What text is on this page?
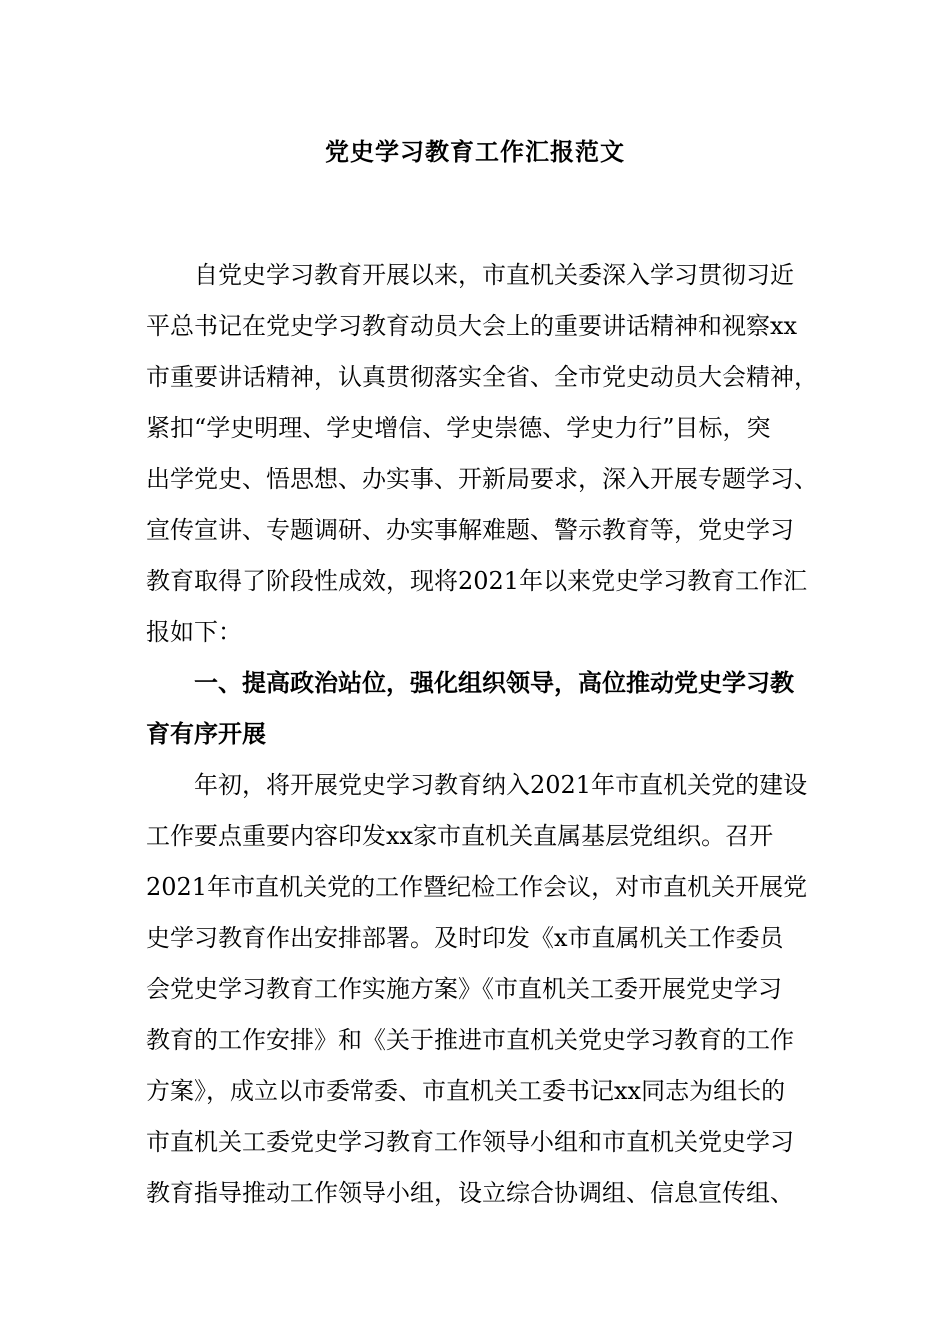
党史学习教育工作汇报范文
自党史学习教育开展以来，市直机关委深入学习贯彻习近
平总书记在党史学习教育动员大会上的重要讲话精神和视察xx
市重要讲话精神，认真贯彻落实全省、全市党史动员大会精神，
紧扣“学史明理、学史增信、学史崇德、学史力行”目标，突
出学党史、悟思想、办实事、开新局要求，深入开展专题学习、
宣传宣讲、专题调研、办实事解难题、警示教育等，党史学习
教育取得了阶段性成效，现将2021年以来党史学习教育工作汇
报如下：
一、提高政治站位，强化组织领导，高位推动党史学习教
育有序开展
年初，将开展党史学习教育纳入2021年市直机关党的建设
工作要点重要内容印发xx家市直机关直属基层党组织。召开
2021年市直机关党的工作暨纪检工作会议，对市直机关开展党
史学习教育作出安排部署。及时印发《x市直属机关工作委员
会党史学习教育工作实施方案》《市直机关工委开展党史学习
教育的工作安排》和《关于推进市直机关党史学习教育的工作
方案》，成立以市委常委、市直机关工委书记xx同志为组长的
市直机关工委党史学习教育工作领导小组和市直机关党史学习
教育指导推动工作领导小组，设立综合协调组、信息宣传组、
